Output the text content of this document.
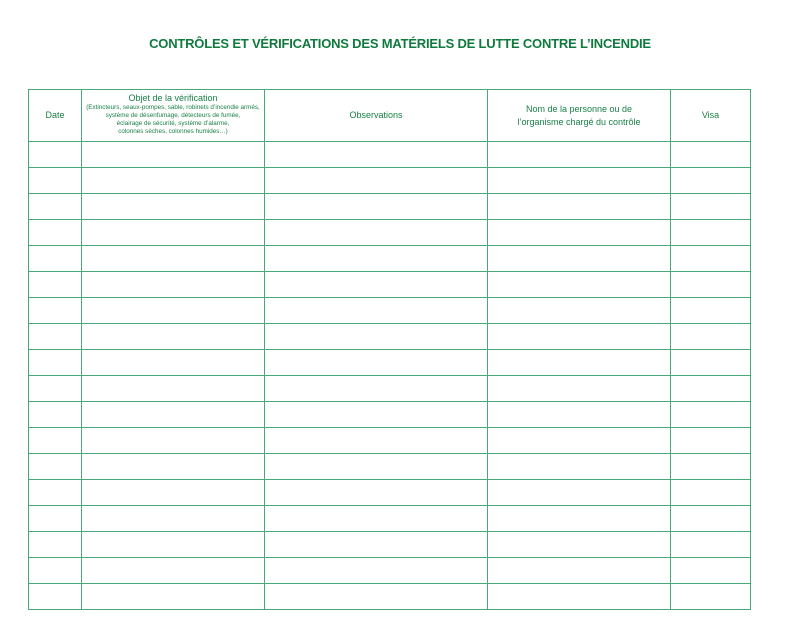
CONTRÔLES ET VÉRIFICATIONS DES MATÉRIELS DE LUTTE CONTRE L’INCENDIE
Date	Objet de la vérification
(Extincteurs, seaux-pompes, sable, robinets d’incendie armés,
système de désenfumage, détecteurs de fumée,
éclairage de sécurité, système d’alarme,
colonnes sèches, colonnes humides…)	Observations	Nom de la personne ou de
l’organisme chargé du contrôle	Visa
